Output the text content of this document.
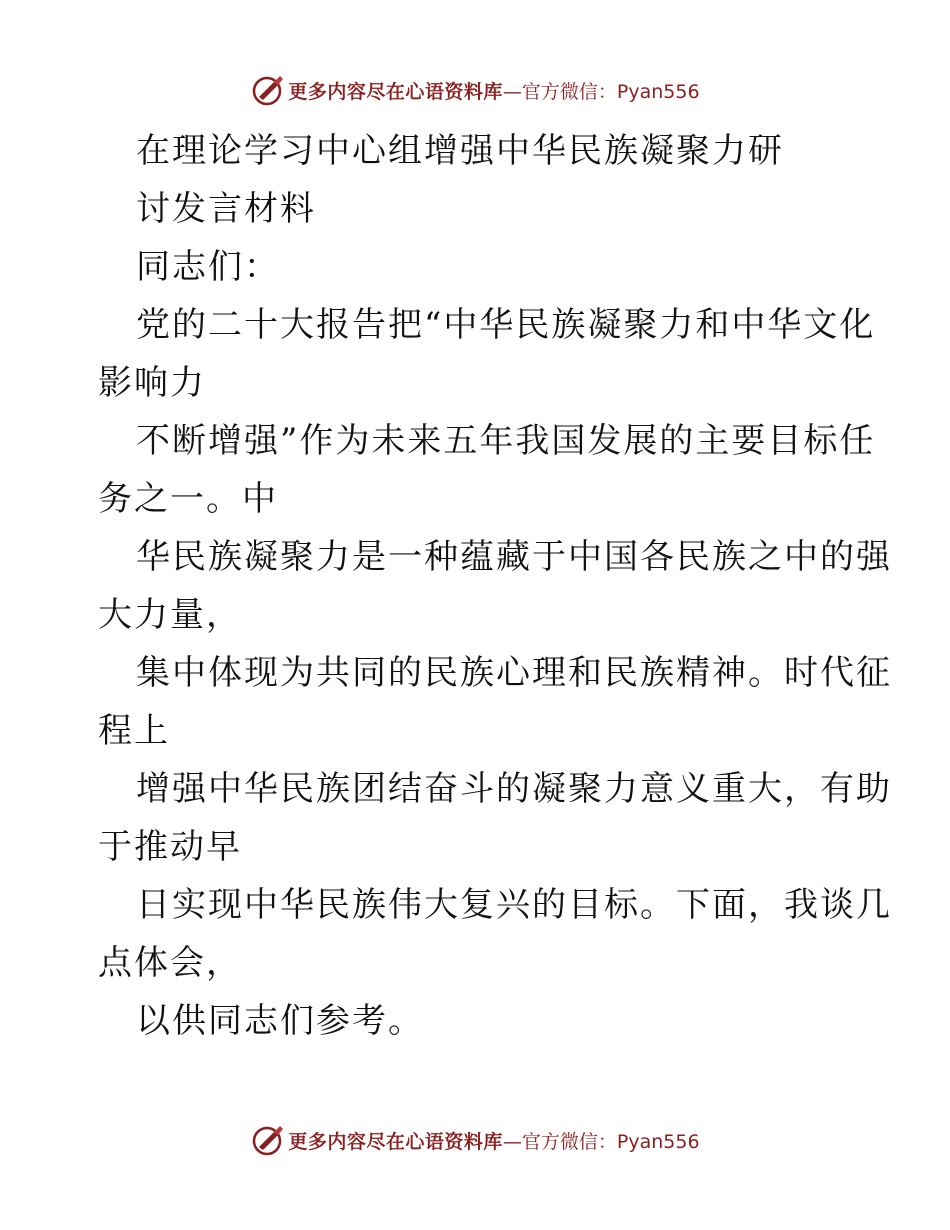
更多内容尽在心语资料库 —官方微信：Pyan556
在理论学习中心组增强中华民族凝聚力研
讨发言材料
同志们：
党的二十大报告把“中华民族凝聚力和中华文化
影响力
不断增强”作为未来五年我国发展的主要目标任
务之一。中
华民族凝聚力是一种蕴藏于中国各民族之中的强
大力量，
集中体现为共同的民族心理和民族精神。时代征
程上
增强中华民族团结奋斗的凝聚力意义重大，有助
于推动早
日实现中华民族伟大复兴的目标。下面，我谈几
点体会，
以供同志们参考。
更多内容尽在心语资料库 —官方微信：Pyan556
